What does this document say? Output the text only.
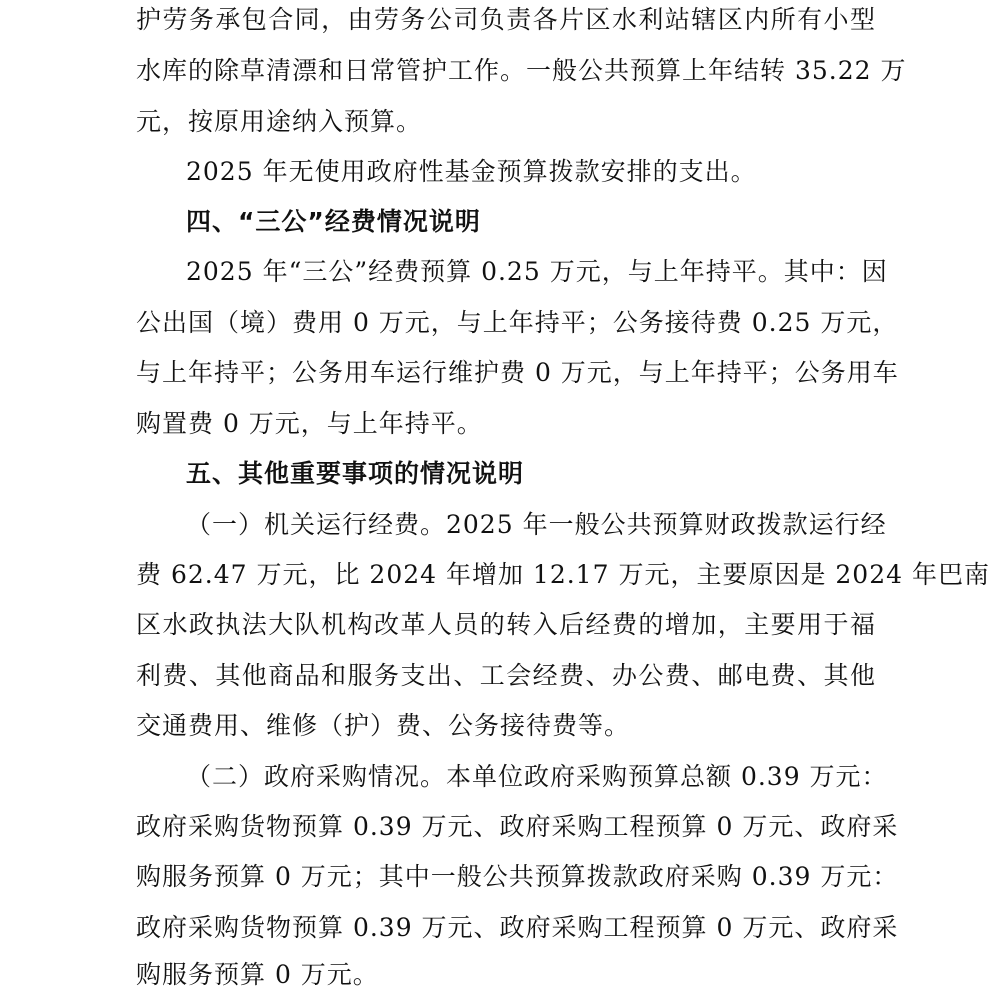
护劳务承包合同，由劳务公司负责各片区水利站辖区内所有小型
水库的除草清漂和日常管护工作。一般公共预算上年结转 35.22 万
元，按原用途纳入预算。
2025 年无使用政府性基金预算拨款安排的支出。
四、“三公”经费情况说明
2025 年“三公”经费预算 0.25 万元，与上年持平。其中：因
公出国（境）费用 0 万元，与上年持平；公务接待费 0.25 万元，
与上年持平；公务用车运行维护费 0 万元，与上年持平；公务用车
购置费 0 万元，与上年持平。
五、其他重要事项的情况说明
（一）机关运行经费。2025 年一般公共预算财政拨款运行经
费 62.47 万元，比 2024 年增加 12.17 万元，主要原因是 2024 年巴南
区水政执法大队机构改革人员的转入后经费的增加，主要用于福
利费、其他商品和服务支出、工会经费、办公费、邮电费、其他
交通费用、维修（护）费、公务接待费等。
（二）政府采购情况。本单位政府采购预算总额 0.39 万元：
政府采购货物预算 0.39 万元、政府采购工程预算 0 万元、政府采
购服务预算 0 万元；其中一般公共预算拨款政府采购 0.39 万元：
政府采购货物预算 0.39 万元、政府采购工程预算 0 万元、政府采
购服务预算 0 万元。
